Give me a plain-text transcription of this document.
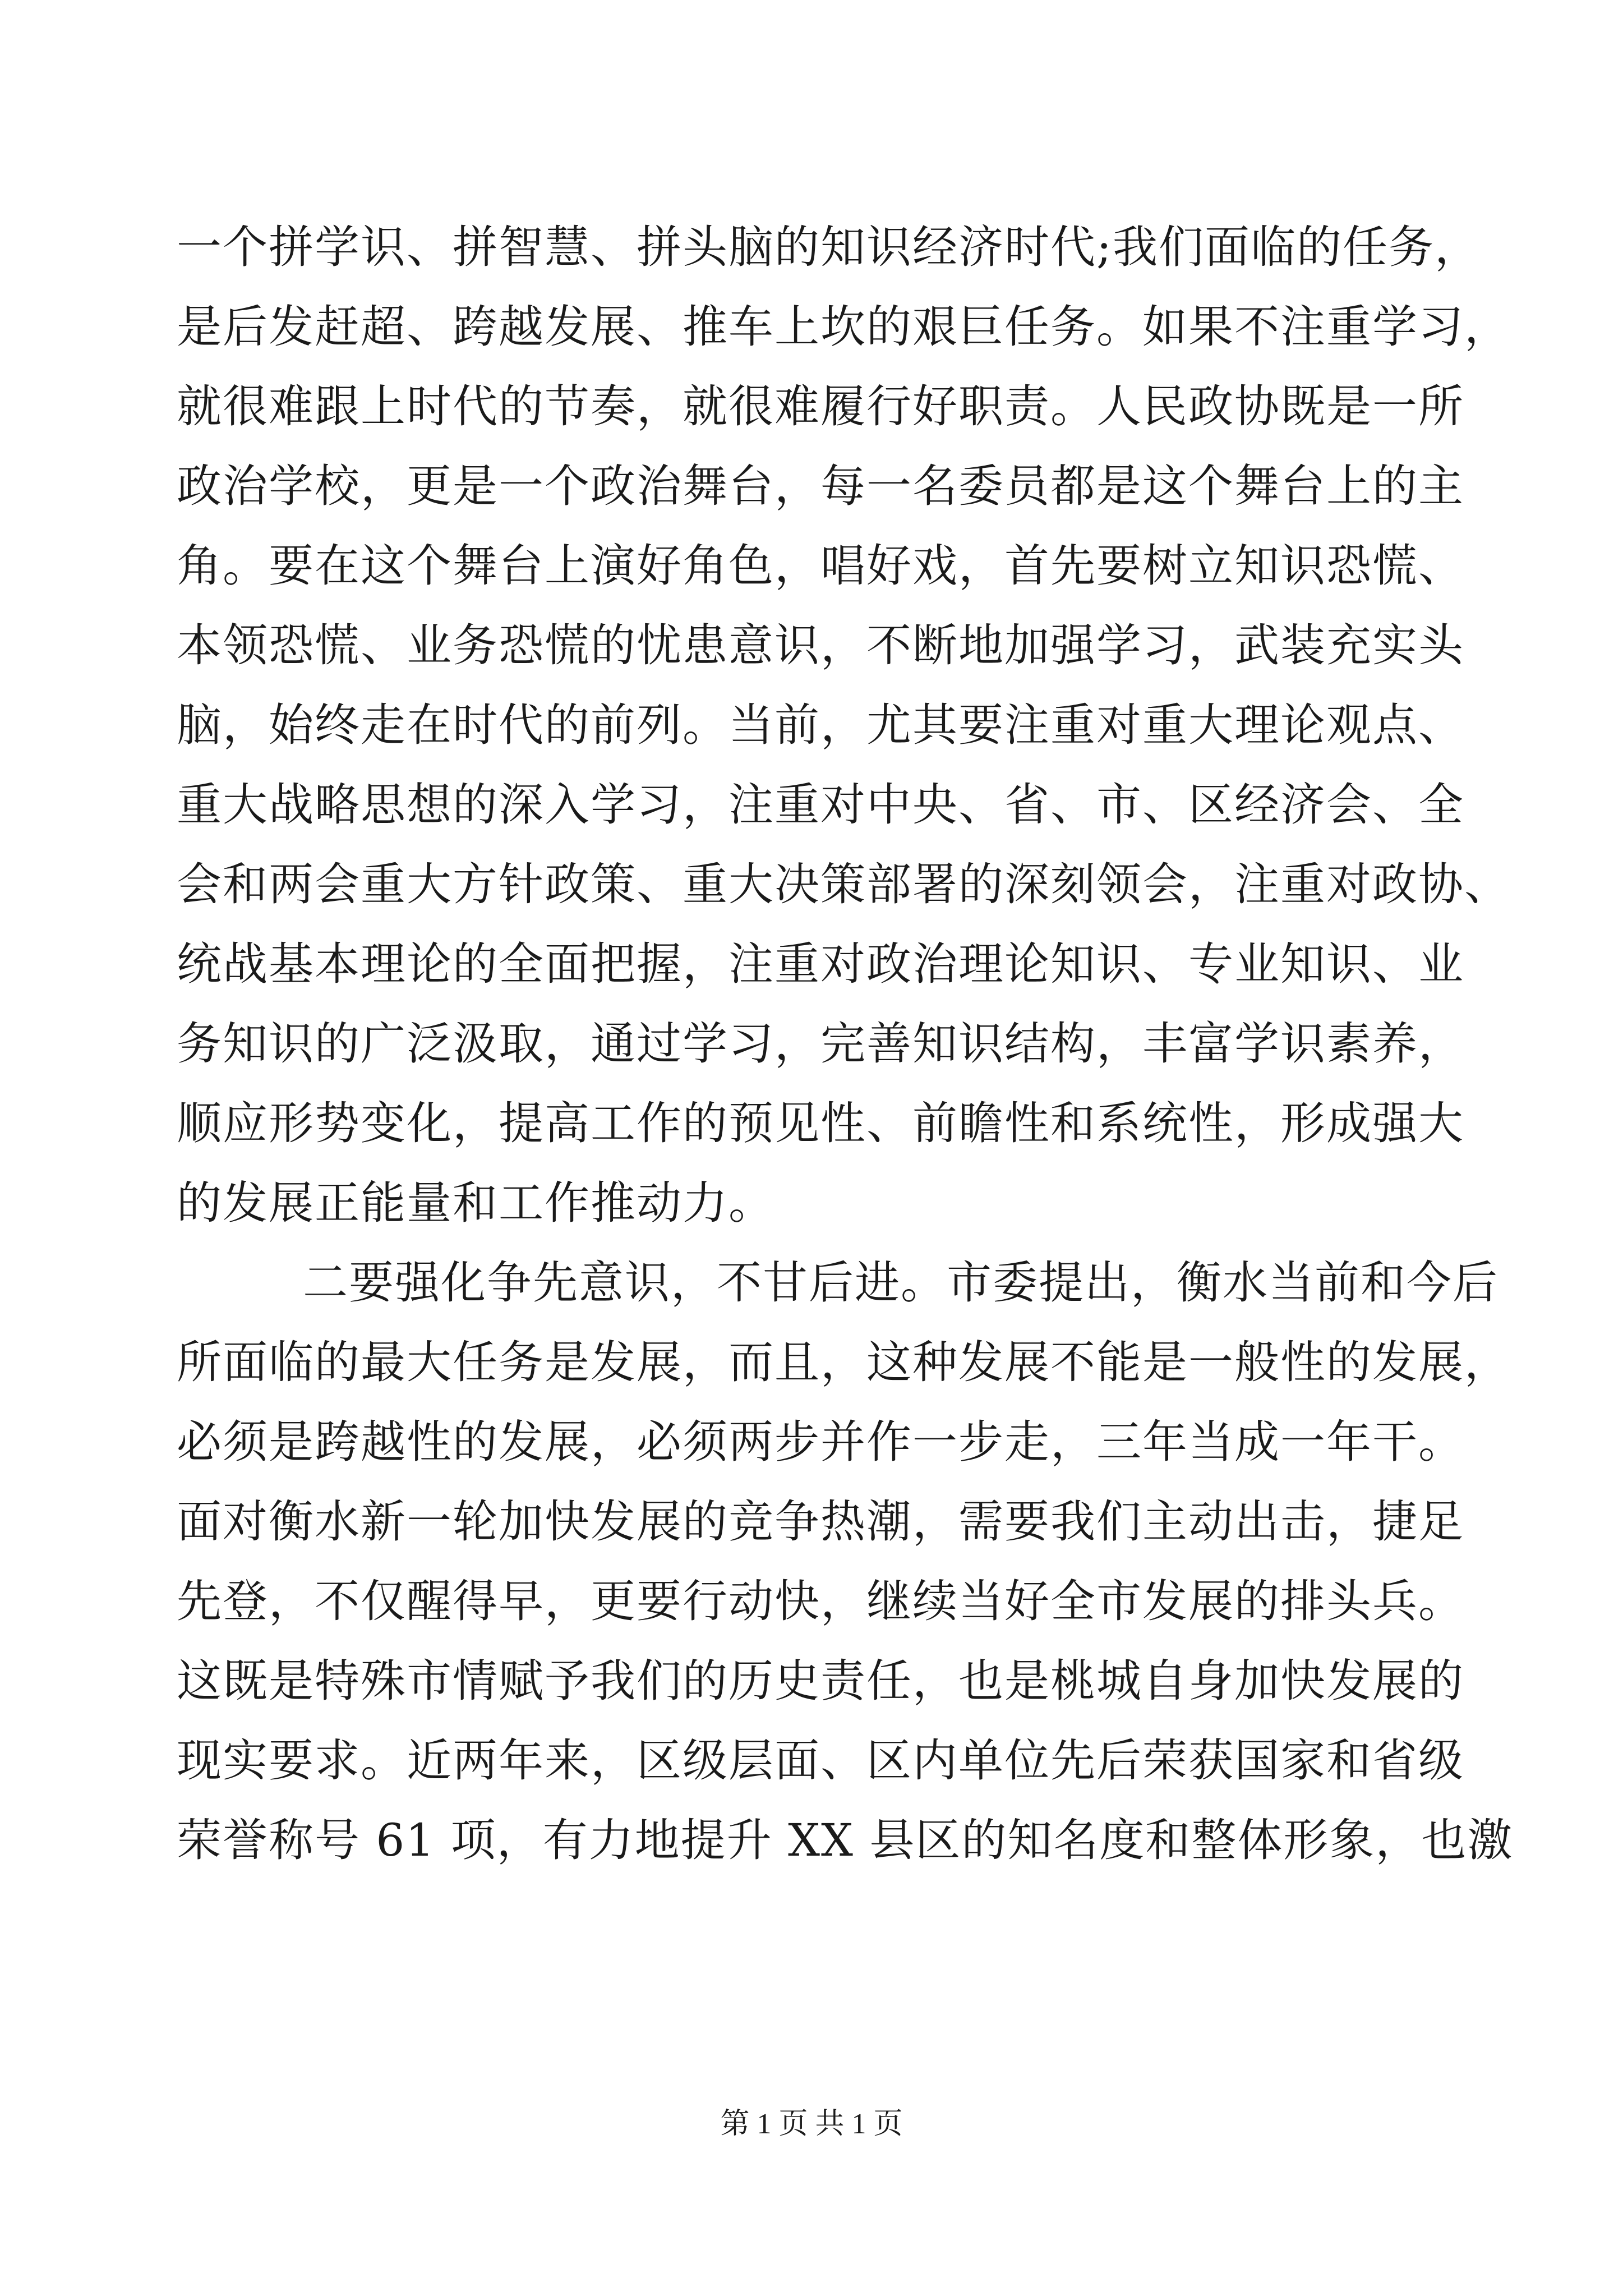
一个拼学识、拼智慧、拼头脑的知识经济时代;我们面临的任务，
是后发赶超、跨越发展、推车上坎的艰巨任务。如果不注重学习，
就很难跟上时代的节奏，就很难履行好职责。人民政协既是一所
政治学校，更是一个政治舞台，每一名委员都是这个舞台上的主
角。要在这个舞台上演好角色，唱好戏，首先要树立知识恐慌、
本领恐慌、业务恐慌的忧患意识，不断地加强学习，武装充实头
脑，始终走在时代的前列。当前，尤其要注重对重大理论观点、
重大战略思想的深入学习，注重对中央、省、市、区经济会、全
会和两会重大方针政策、重大决策部署的深刻领会，注重对政协、
统战基本理论的全面把握，注重对政治理论知识、专业知识、业
务知识的广泛汲取，通过学习，完善知识结构，丰富学识素养，
顺应形势变化，提高工作的预见性、前瞻性和系统性，形成强大
的发展正能量和工作推动力。
二要强化争先意识，不甘后进。市委提出，衡水当前和今后
所面临的最大任务是发展，而且，这种发展不能是一般性的发展，
必须是跨越性的发展，必须两步并作一步走，三年当成一年干。
面对衡水新一轮加快发展的竞争热潮，需要我们主动出击，捷足
先登，不仅醒得早，更要行动快，继续当好全市发展的排头兵。
这既是特殊市情赋予我们的历史责任，也是桃城自身加快发展的
现实要求。近两年来，区级层面、区内单位先后荣获国家和省级
荣誉称号 61 项，有力地提升 XX 县区的知名度和整体形象，也激
第 1 页 共 1 页
